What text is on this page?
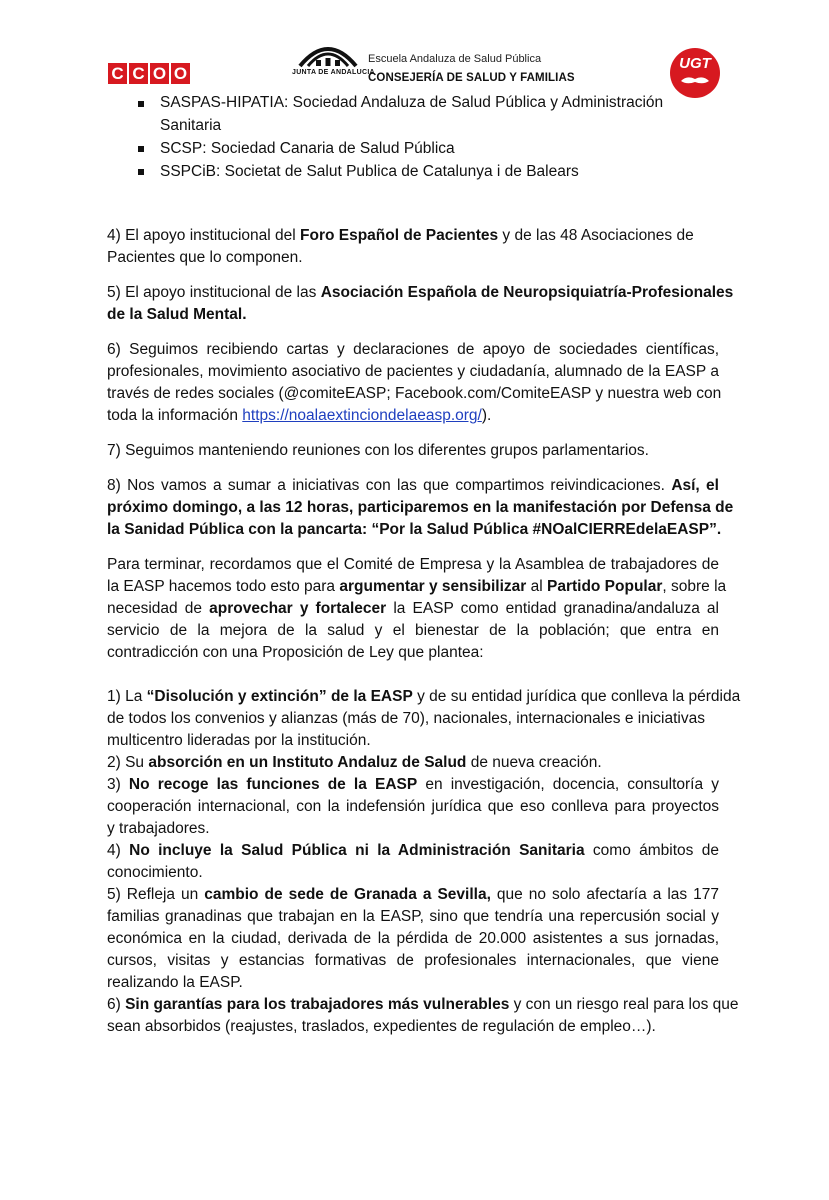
C C O O	JUNTA DE ANDALUCIA
Escuela Andaluza de Salud Pública
CONSEJERÍA DE SALUD Y FAMILIAS
UGT
SASPAS-HIPATIA: Sociedad Andaluza de Salud Pública y Administración
Sanitaria
SCSP: Sociedad Canaria de Salud Pública
SSPCiB: Societat de Salut Publica de Catalunya i de Balears
4) El apoyo institucional del Foro Español de Pacientes y de las 48 Asociaciones de
Pacientes que lo componen.
5) El apoyo institucional de las Asociación Española de Neuropsiquiatría-Profesionales
de la Salud Mental.
6) Seguimos recibiendo cartas y declaraciones de apoyo de sociedades científicas,
profesionales, movimiento asociativo de pacientes y ciudadanía, alumnado de la EASP a
través de redes sociales (@comiteEASP; Facebook.com/ComiteEASP y nuestra web con
toda la información https://noalaextinciondelaeasp.org/).
7) Seguimos manteniendo reuniones con los diferentes grupos parlamentarios.
8) Nos vamos a sumar a iniciativas con las que compartimos reivindicaciones. Así, el
próximo domingo, a las 12 horas, participaremos en la manifestación por Defensa de
la Sanidad Pública con la pancarta: “Por la Salud Pública #NOalCIERREdelaEASP”.
Para terminar, recordamos que el Comité de Empresa y la Asamblea de trabajadores de
la EASP hacemos todo esto para argumentar y sensibilizar al Partido Popular, sobre la
necesidad de aprovechar y fortalecer la EASP como entidad granadina/andaluza al
servicio de la mejora de la salud y el bienestar de la población; que entra en
contradicción con una Proposición de Ley que plantea:
1) La “Disolución y extinción” de la EASP y de su entidad jurídica que conlleva la pérdida
de todos los convenios y alianzas (más de 70), nacionales, internacionales e iniciativas
multicentro lideradas por la institución.
2) Su absorción en un Instituto Andaluz de Salud de nueva creación.
3) No recoge las funciones de la EASP en investigación, docencia, consultoría y
cooperación internacional, con la indefensión jurídica que eso conlleva para proyectos
y trabajadores.
4) No incluye la Salud Pública ni la Administración Sanitaria como ámbitos de
conocimiento.
5) Refleja un cambio de sede de Granada a Sevilla, que no solo afectaría a las 177
familias granadinas que trabajan en la EASP, sino que tendría una repercusión social y
económica en la ciudad, derivada de la pérdida de 20.000 asistentes a sus jornadas,
cursos, visitas y estancias formativas de profesionales internacionales, que viene
realizando la EASP.
6) Sin garantías para los trabajadores más vulnerables y con un riesgo real para los que
sean absorbidos (reajustes, traslados, expedientes de regulación de empleo…).
